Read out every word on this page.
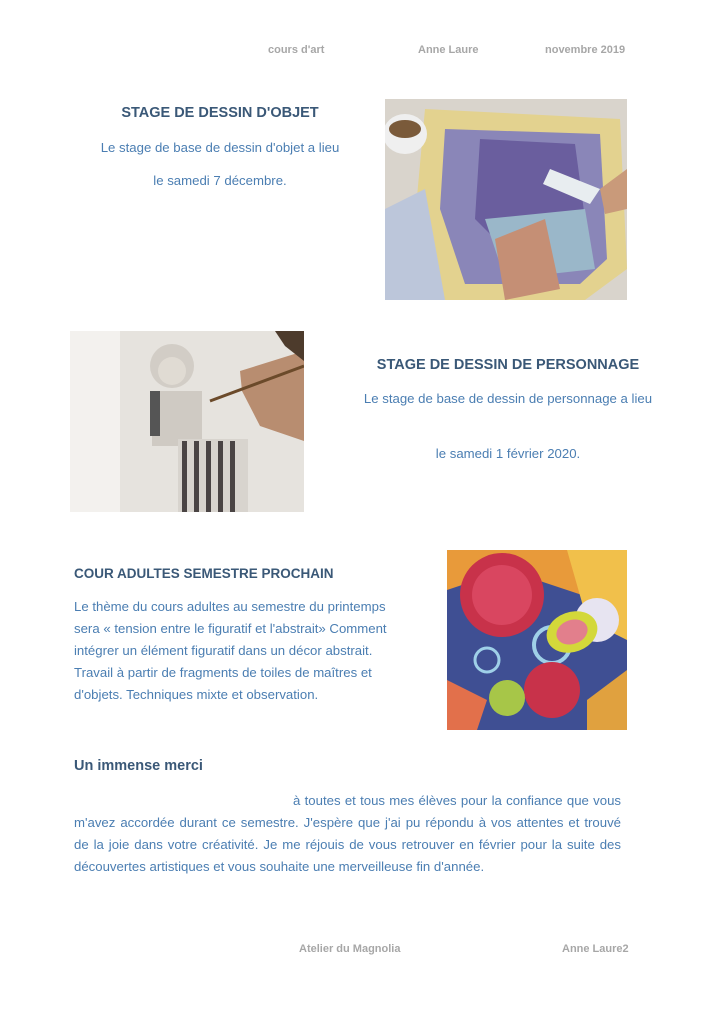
cours d'art	Anne Laure	novembre 2019
STAGE DE DESSIN D'OBJET
Le stage de base de dessin d'objet a lieu
le samedi 7 décembre.
STAGE DE DESSIN DE PERSONNAGE
Le stage de base de dessin de personnage a lieu
le samedi 1 février 2020.
COUR ADULTES SEMESTRE PROCHAIN
Le thème du cours adultes au semestre du printemps sera « tension entre le figuratif et l'abstrait» Comment intégrer un élément figuratif dans un décor abstrait. Travail à partir de fragments de toiles de maîtres et d'objets. Techniques mixte et observation.
Un immense merci
à toutes et tous mes élèves pour la confiance que vous m'avez accordée durant ce semestre. J'espère que j'ai pu répondu à vos attentes et trouvé de la joie dans votre créativité. Je me réjouis de vous retrouver en février pour la suite des découvertes artistiques et vous souhaite une merveilleuse fin d'année.
Atelier du Magnolia	Anne Laure2
